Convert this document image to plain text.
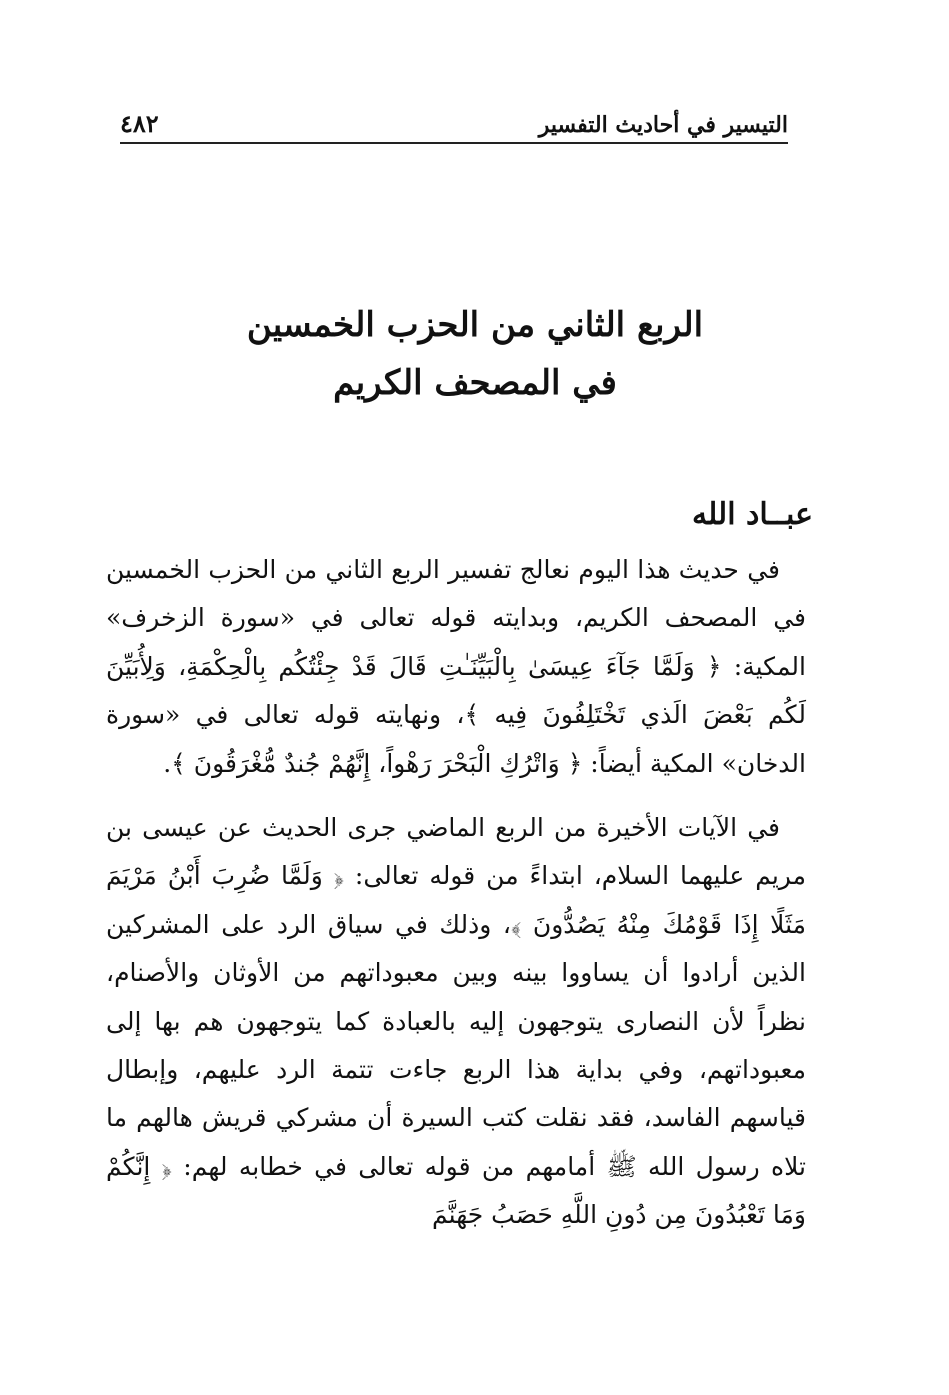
التيسير في أحاديث التفسير
٤٨٢
الربع الثاني من الحزب الخمسين
في المصحف الكريم
عبــاد الله

في حديث هذا اليوم نعالج تفسير الربع الثاني من الحزب الخمسين في المصحف الكريم، وبدايته قوله تعالى في «سورة الزخرف» المكية: ﴿ وَلَمَّا جَآءَ عِيسَىٰ بِالْبَيِّنَـٰتِ قَالَ قَدْ جِئْتُكُم بِالْحِكْمَةِ، وَلِأُبَيِّنَ لَكُم بَعْضَ الَذي تَخْتَلِفُونَ فِيه ﴾، ونهايته قوله تعالى في «سورة الدخان» المكية أيضاً: ﴿ وَاتْرُكِ الْبَحْرَ رَهْواً، إِنَّهُمْ جُندٌ مُّغْرَقُونَ ﴾.

في الآيات الأخيرة من الربع الماضي جرى الحديث عن عيسى بن مريم عليهما السلام، ابتداءً من قوله تعالى: ﴿ وَلَمَّا ضُرِبَ أَبْنُ مَرْيَمَ مَثَلًا إِذَا قَوْمُكَ مِنْهُ يَصُدُّونَ ﴾، وذلك في سياق الرد على المشركين الذين أرادوا أن يساووا بينه وبين معبوداتهم من الأوثان والأصنام، نظراً لأن النصارى يتوجهون إليه بالعبادة كما يتوجهون هم بها إلى معبوداتهم، وفي بداية هذا الربع جاءت تتمة الرد عليهم، وإبطال قياسهم الفاسد، فقد نقلت كتب السيرة أن مشركي قريش هالهم ما تلاه رسول الله ﷺ أمامهم من قوله تعالى في خطابه لهم: ﴿ إِنَّكُمْ وَمَا تَعْبُدُونَ مِن دُونِ اللَّهِ حَصَبُ جَهَنَّمَ
